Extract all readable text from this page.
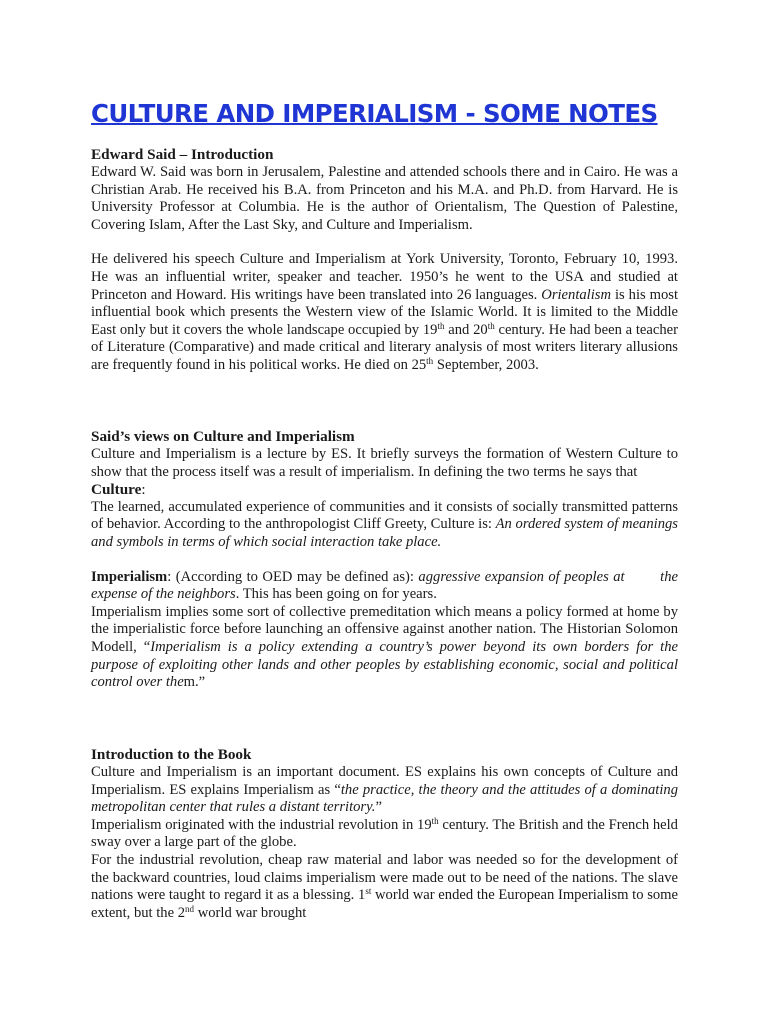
CULTURE AND IMPERIALISM - SOME NOTES
Edward Said – Introduction

Edward W. Said was born in Jerusalem, Palestine and attended schools there and in Cairo. He was a Christian Arab. He received his B.A. from Princeton and his M.A. and Ph.D. from Harvard. He is University Professor at Columbia. He is the author of Orientalism, The Question of Palestine, Covering Islam, After the Last Sky, and Culture and Imperialism.

He delivered his speech Culture and Imperialism at York University, Toronto, February 10, 1993. He was an influential writer, speaker and teacher. 1950’s he went to the USA and studied at Princeton and Howard. His writings have been translated into 26 languages. Orientalism is his most influential book which presents the Western view of the Islamic World. It is limited to the Middle East only but it covers the whole landscape occupied by 19th and 20th century. He had been a teacher of Literature (Comparative) and made critical and literary analysis of most writers literary allusions are frequently found in his political works. He died on 25th September, 2003.

Said’s views on Culture and Imperialism

Culture and Imperialism is a lecture by ES. It briefly surveys the formation of Western Culture to show that the process itself was a result of imperialism. In defining the two terms he says that

Culture:

The learned, accumulated experience of communities and it consists of socially transmitted patterns of behavior. According to the anthropologist Cliff Greety, Culture is: An ordered system of meanings and symbols in terms of which social interaction take place.

Imperialism: (According to OED may be defined as): aggressive expansion of peoples at        the expense of the neighbors. This has been going on for years.

Imperialism implies some sort of collective premeditation which means a policy formed at home by the imperialistic force before launching an offensive against another nation. The Historian Solomon Modell, “Imperialism is a policy extending a country’s power beyond its own borders for the purpose of exploiting other lands and other peoples by establishing economic, social and political control over them.”

Introduction to the Book

Culture and Imperialism is an important document. ES explains his own concepts of Culture and Imperialism. ES explains Imperialism as “the practice, the theory and the attitudes of a dominating metropolitan center that rules a distant territory.”

Imperialism originated with the industrial revolution in 19th century. The British and the French held sway over a large part of the globe.

For the industrial revolution, cheap raw material and labor was needed so for the development of the backward countries, loud claims imperialism were made out to be need of the nations. The slave nations were taught to regard it as a blessing. 1st world war ended the European Imperialism to some extent, but the 2nd world war brought
